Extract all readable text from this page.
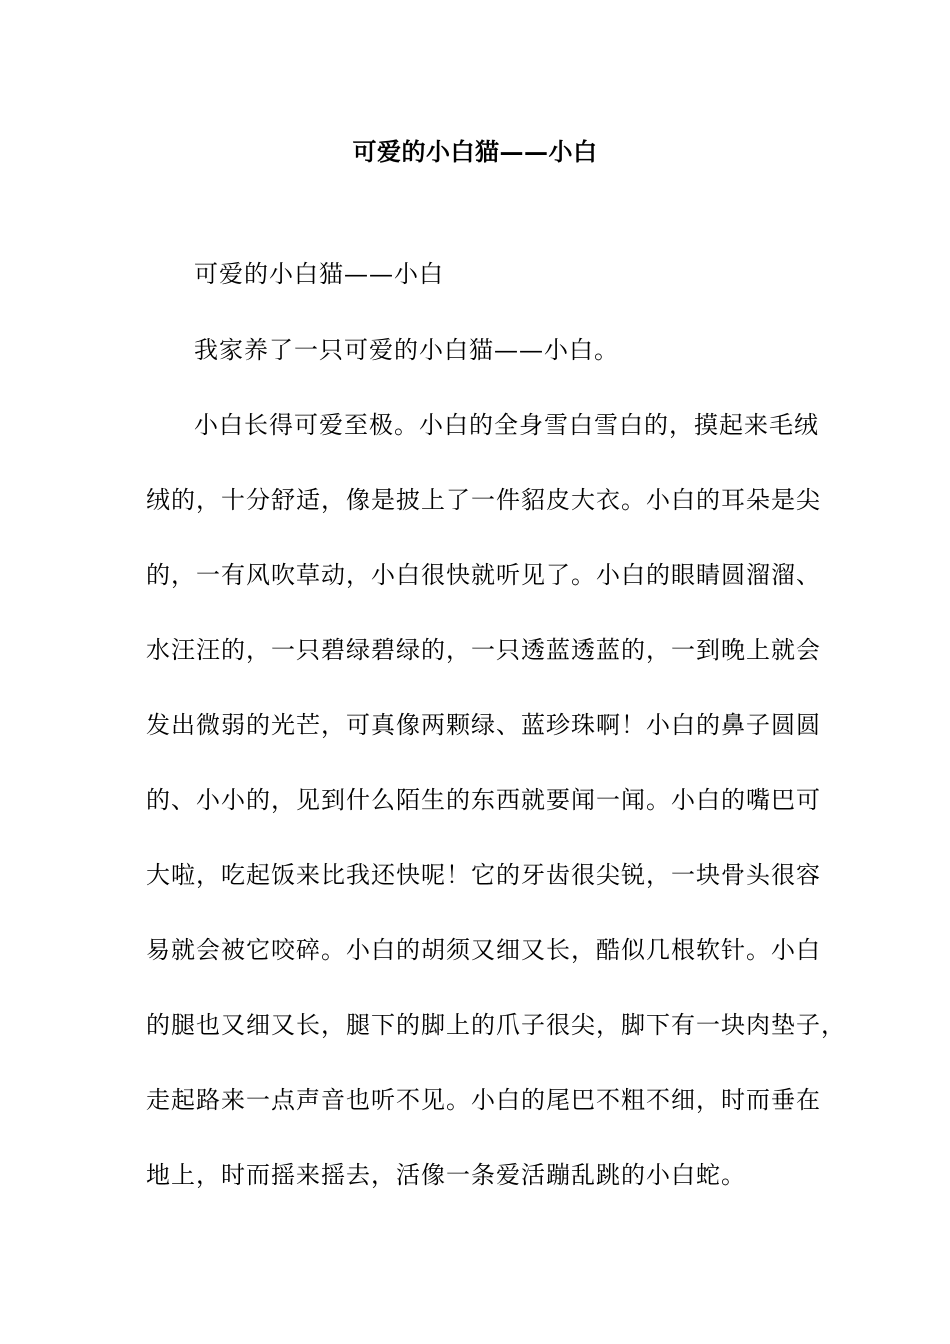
可爱的小白猫——小白
可爱的小白猫——小白
我家养了一只可爱的小白猫——小白。
小白长得可爱至极。小白的全身雪白雪白的，摸起来毛绒
绒的，十分舒适，像是披上了一件貂皮大衣。小白的耳朵是尖
的，一有风吹草动，小白很快就听见了。小白的眼睛圆溜溜、
水汪汪的，一只碧绿碧绿的，一只透蓝透蓝的，一到晚上就会
发出微弱的光芒，可真像两颗绿、蓝珍珠啊！小白的鼻子圆圆
的、小小的，见到什么陌生的东西就要闻一闻。小白的嘴巴可
大啦，吃起饭来比我还快呢！它的牙齿很尖锐，一块骨头很容
易就会被它咬碎。小白的胡须又细又长，酷似几根软针。小白
的腿也又细又长，腿下的脚上的爪子很尖，脚下有一块肉垫子，
走起路来一点声音也听不见。小白的尾巴不粗不细，时而垂在
地上，时而摇来摇去，活像一条爱活蹦乱跳的小白蛇。
